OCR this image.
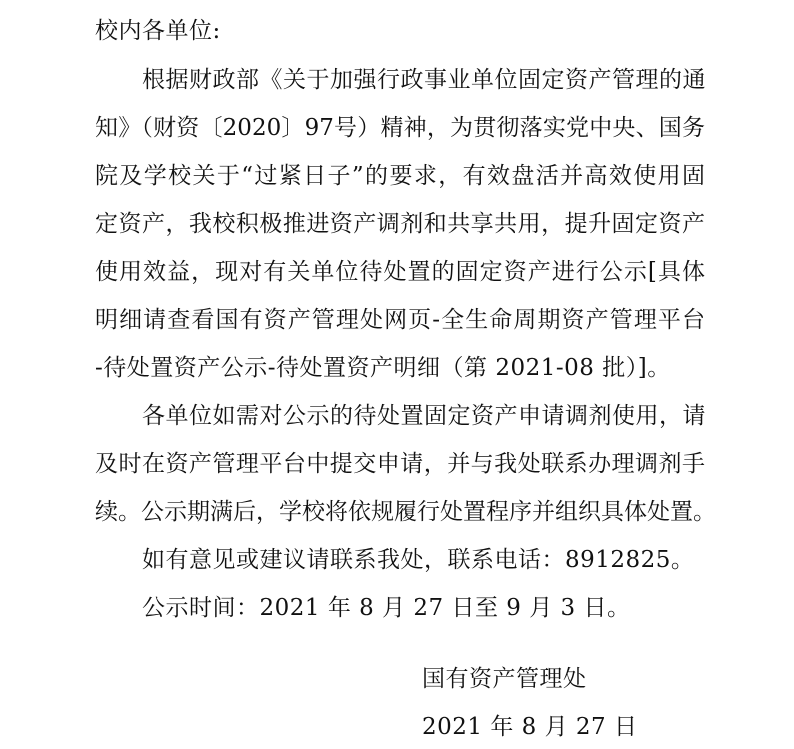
校内各单位:
根据财政部《关于加强行政事业单位固定资产管理的通
知》（财资〔2020〕97号）精神，为贯彻落实党中央、国务
院及学校关于“过紧日子”的要求，有效盘活并高效使用固
定资产，我校积极推进资产调剂和共享共用，提升固定资产
使用效益，现对有关单位待处置的固定资产进行公示[具体
明细请查看国有资产管理处网页-全生命周期资产管理平台
-待处置资产公示-待处置资产明细（第 2021-08 批）]。
各单位如需对公示的待处置固定资产申请调剂使用，请
及时在资产管理平台中提交申请，并与我处联系办理调剂手
续。公示期满后，学校将依规履行处置程序并组织具体处置。
如有意见或建议请联系我处，联系电话：8912825。
公示时间：2021 年 8 月 27 日至 9 月 3 日。
国有资产管理处
2021 年 8 月 27 日
